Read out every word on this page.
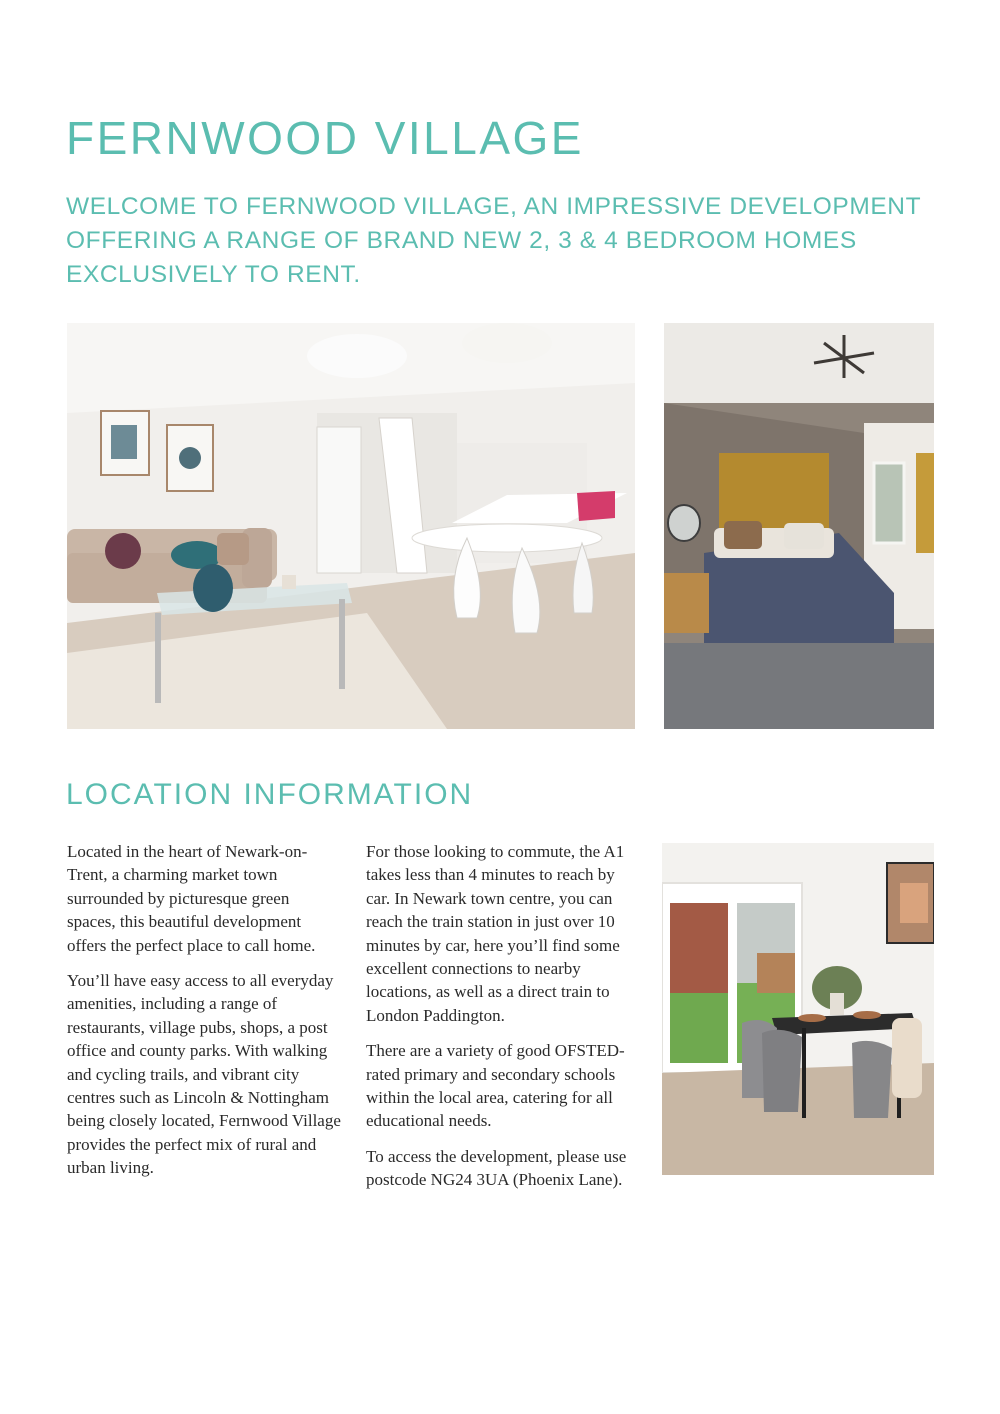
FERNWOOD VILLAGE

WELCOME TO FERNWOOD VILLAGE, AN IMPRESSIVE DEVELOPMENT OFFERING A RANGE OF BRAND NEW 2, 3 & 4 BEDROOM HOMES EXCLUSIVELY TO RENT.

LOCATION INFORMATION

Located in the heart of Newark-on-Trent, a charming market town surrounded by picturesque green spaces, this beautiful development offers the perfect place to call home.

You’ll have easy access to all everyday amenities, including a range of restaurants, village pubs, shops, a post office and county parks. With walking and cycling trails, and vibrant city centres such as Lincoln & Nottingham being closely located, Fernwood Village provides the perfect mix of rural and urban living.

For those looking to commute, the A1 takes less than 4 minutes to reach by car. In Newark town centre, you can reach the train station in just over 10 minutes by car, here you’ll find some excellent connections to nearby locations, as well as a direct train to London Paddington.

There are a variety of good OFSTED-rated primary and secondary schools within the local area, catering for all educational needs.

To access the development, please use postcode NG24 3UA (Phoenix Lane).
